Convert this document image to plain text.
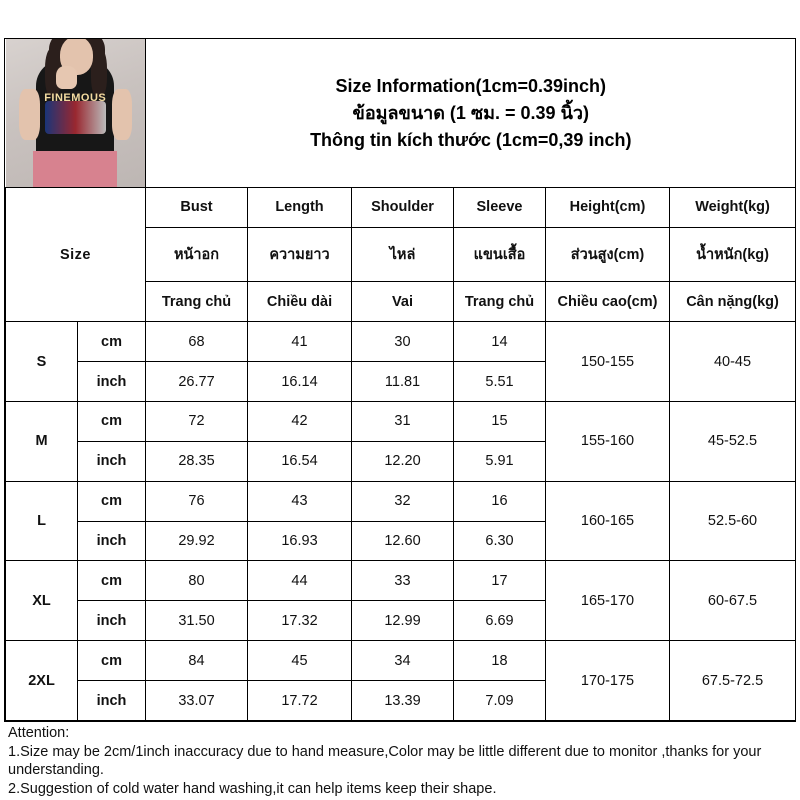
FINEMOUS		Size Information(1cm=0.39inch)
ข้อมูลขนาด (1 ซม. = 0.39 นิ้ว)
Thông tin kích thước (1cm=0,39 inch)					

Size		Bust	Length	Shoulder	Sleeve	Height(cm)	Weight(kg)
		หน้าอก	ความยาว	ไหล่	แขนเสื้อ	ส่วนสูง(cm)	น้ำหนัก(kg)
		Trang chủ	Chiều dài	Vai	Trang chủ	Chiều cao(cm)	Cân nặng(kg)
S	cm	68	41	30	14	150-155	40-45
	inch	26.77	16.14	11.81	5.51		
M	cm	72	42	31	15	155-160	45-52.5
	inch	28.35	16.54	12.20	5.91		
L	cm	76	43	32	16	160-165	52.5-60
	inch	29.92	16.93	12.60	6.30		
XL	cm	80	44	33	17	165-170	60-67.5
	inch	31.50	17.32	12.99	6.69		
2XL	cm	84	45	34	18	170-175	67.5-72.5
	inch	33.07	17.72	13.39	7.09		
Attention:
1.Size may be 2cm/1inch inaccuracy due to hand measure,Color may be little different due to monitor ,thanks for your understanding.
2.Suggestion of cold water hand washing,it can help items keep their shape.
